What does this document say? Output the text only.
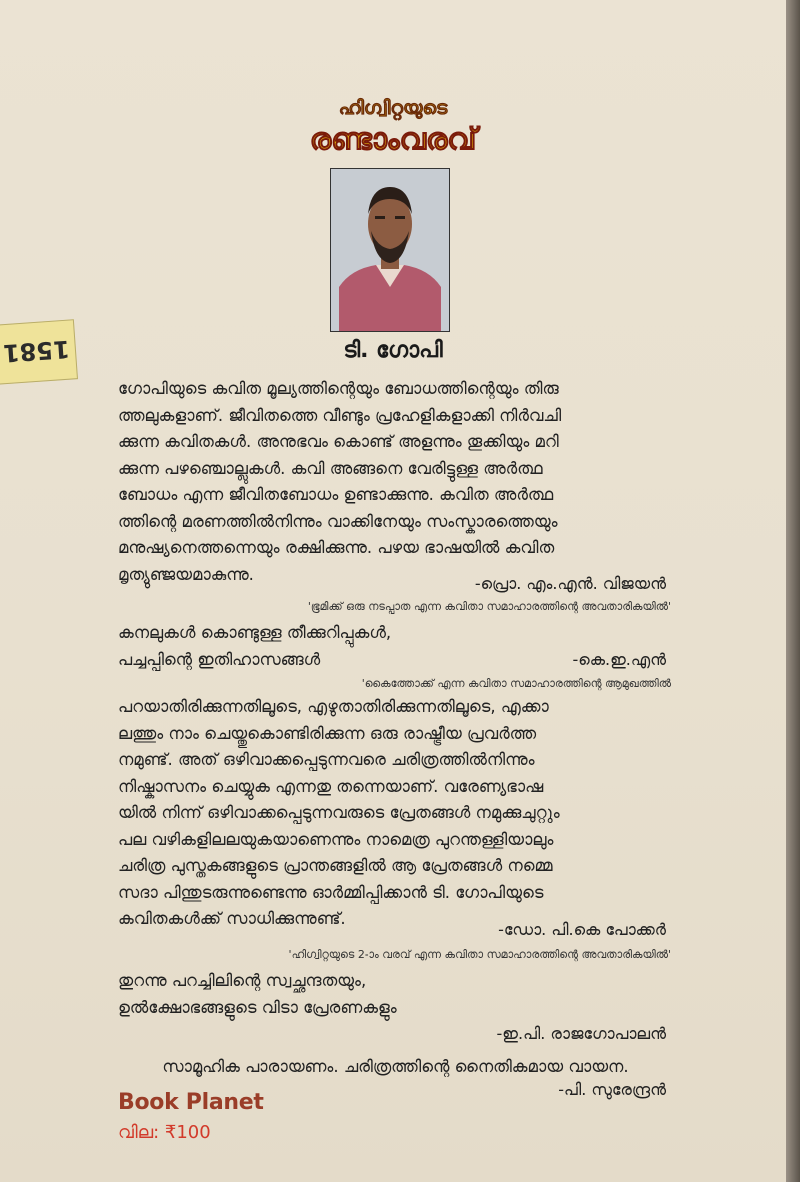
1581
ഹിഗ്വിറ്റയുടെ
രണ്ടാംവരവ്
ടി. ഗോപി

ഗോപിയുടെ കവിത മൂല്യത്തിന്റെയും ബോധത്തിന്റെയും തിരു
ത്തലുകളാണ്. ജീവിതത്തെ വീണ്ടും പ്രഹേളികളാക്കി നിർവചി
ക്കുന്ന കവിതകൾ. അനുഭവം കൊണ്ട് അളന്നും തൂക്കിയും മറി
ക്കുന്ന പഴഞ്ചൊല്ലുകൾ. കവി അങ്ങനെ വേരിട്ടുള്ള അർത്ഥ
ബോധം എന്ന ജീവിതബോധം ഉണ്ടാക്കുന്നു. കവിത അർത്ഥ
ത്തിന്റെ മരണത്തിൽനിന്നും വാക്കിനേയും സംസ്കാരത്തെയും
മനുഷ്യനെത്തന്നെയും രക്ഷിക്കുന്നു. പഴയ ഭാഷയിൽ കവിത
മൃത്യുഞ്ജയമാകുന്നു.	-പ്രൊ. എം.എൻ. വിജയൻ
'ഭൂമിക്ക് ഒരു നടപ്പാത എന്ന കവിതാ സമാഹാരത്തിന്റെ അവതാരികയിൽ'

കനലുകൾ കൊണ്ടുള്ള തീക്കുറിപ്പുകൾ,
പച്ചപ്പിന്റെ ഇതിഹാസങ്ങൾ	-കെ.ഇ.എൻ
'കൈത്തോക്ക് എന്ന കവിതാ സമാഹാരത്തിന്റെ ആമുഖത്തിൽ

പറയാതിരിക്കുന്നതിലൂടെ, എഴുതാതിരിക്കുന്നതിലൂടെ, എക്കാ
ലത്തും നാം ചെയ്തുകൊണ്ടിരിക്കുന്ന ഒരു രാഷ്ട്രീയ പ്രവർത്ത
നമുണ്ട്. അത് ഒഴിവാക്കപ്പെടുന്നവരെ ചരിത്രത്തിൽനിന്നും
നിഷ്കാസനം ചെയ്യുക എന്നതു തന്നെയാണ്. വരേണ്യഭാഷ
യിൽ നിന്ന് ഒഴിവാക്കപ്പെടുന്നവരുടെ പ്രേതങ്ങൾ നമുക്കുചുറ്റും
പല വഴികളിലലയുകയാണെന്നും നാമെത്ര പുറന്തള്ളിയാലും
ചരിത്ര പുസ്തകങ്ങളുടെ പ്രാന്തങ്ങളിൽ ആ പ്രേതങ്ങൾ നമ്മെ
സദാ പിന്തുടരുന്നുണ്ടെന്നു ഓർമ്മിപ്പിക്കാൻ ടി. ഗോപിയുടെ
കവിതകൾക്ക് സാധിക്കുന്നുണ്ട്.

-ഡോ. പി.കെ പോക്കർ
'ഹിഗ്വിറ്റയുടെ 2-ാം വരവ് എന്ന കവിതാ സമാഹാരത്തിന്റെ അവതാരികയിൽ'

തുറന്നു പറച്ചിലിന്റെ സ്വച്ഛന്ദതയും,
ഉൽക്ഷോഭങ്ങളുടെ വിടാ പ്രേരണകളും

-ഇ.പി. രാജഗോപാലൻ

സാമൂഹിക പാരായണം. ചരിത്രത്തിന്റെ നൈതികമായ വായന.

-പി. സുരേന്ദ്രൻ
Book Planet
വില: ₹100
